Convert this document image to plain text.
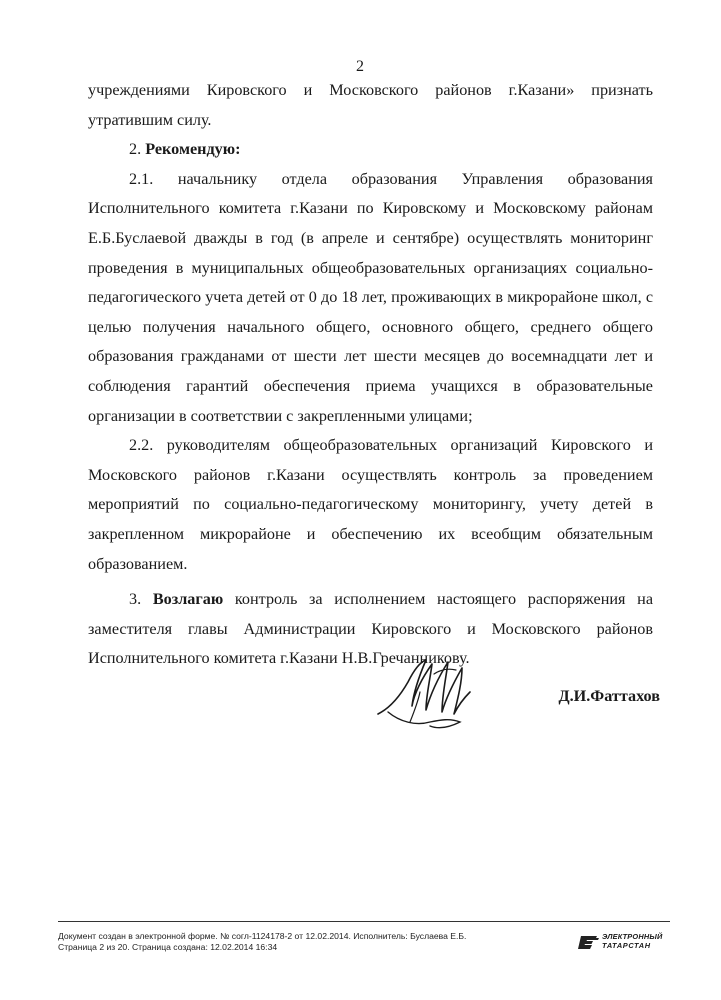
2

учреждениями Кировского и Московского районов г.Казани» признать утратившим силу.

2. Рекомендую:

2.1. начальнику отдела образования Управления образования Исполнительного комитета г.Казани по Кировскому и Московскому районам Е.Б.Буслаевой дважды в год (в апреле и сентябре) осуществлять мониторинг проведения в муниципальных общеобразовательных организациях социально-педагогического учета детей от 0 до 18 лет, проживающих в микрорайоне школ, с целью получения начального общего, основного общего, среднего общего образования гражданами от шести лет шести месяцев до восемнадцати лет и соблюдения гарантий обеспечения приема учащихся в образовательные организации в соответствии с закрепленными улицами;

2.2. руководителям общеобразовательных организаций Кировского и Московского районов г.Казани осуществлять контроль за проведением мероприятий по социально-педагогическому мониторингу, учету детей в закрепленном микрорайоне и обеспечению их всеобщим обязательным образованием.

3. Возлагаю контроль за исполнением настоящего распоряжения на заместителя главы Администрации Кировского и Московского районов Исполнительного комитета г.Казани Н.В.Гречанникову.

Д.И.Фаттахов
Документ создан в электронной форме. № согл-1124178-2 от 12.02.2014. Исполнитель: Буслаева Е.Б.
Страница 2 из 20. Страница создана: 12.02.2014 16:34
ЭЛЕКТРОННЫЙ
ТАТАРСТАН
